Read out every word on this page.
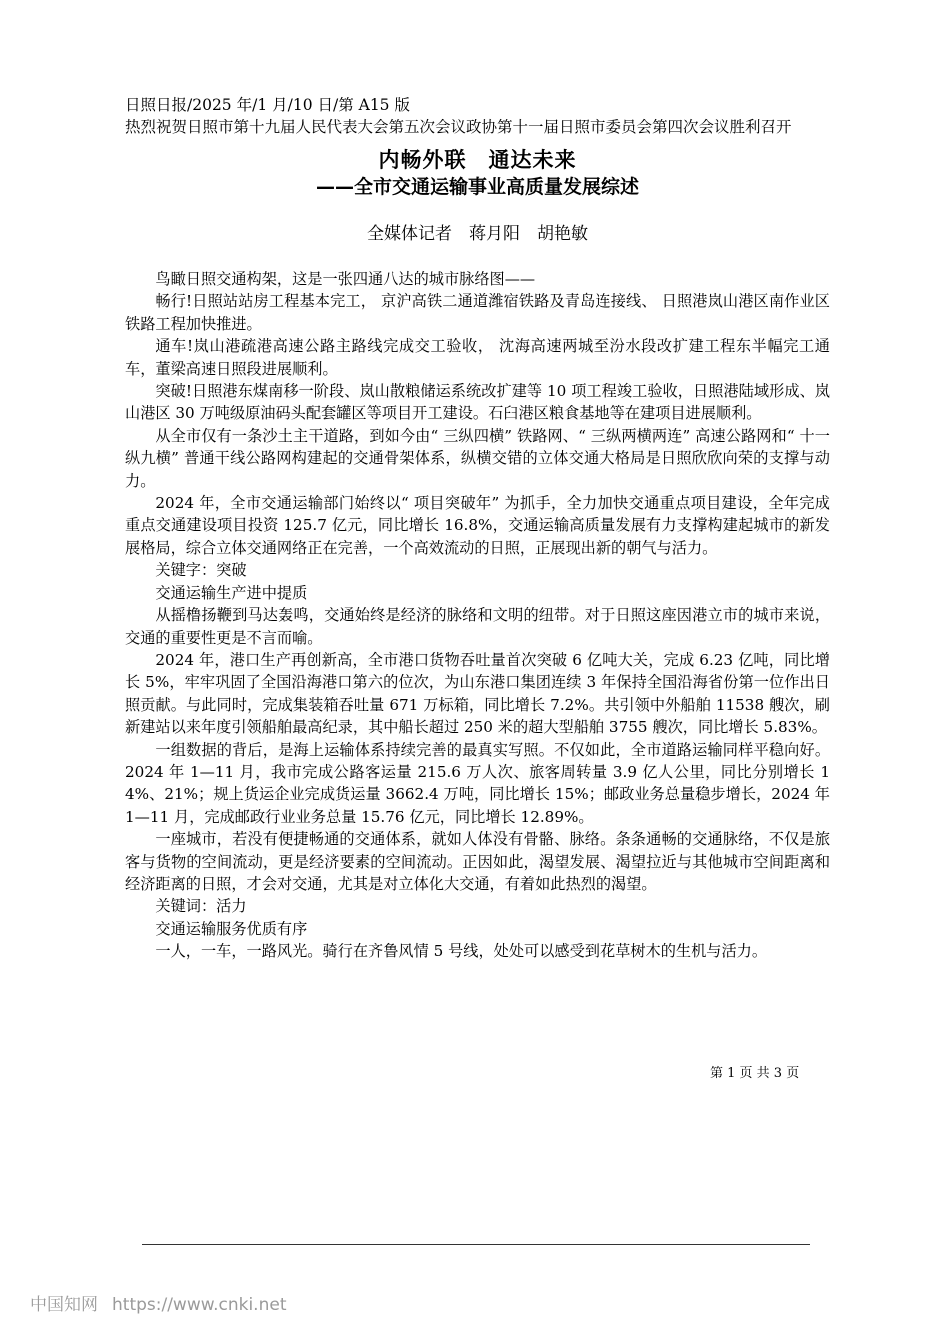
日照日报/2025 年/1 月/10 日/第 A15 版

热烈祝贺日照市第十九届人民代表大会第五次会议政协第十一届日照市委员会第四次会议胜利召开

内畅外联　通达未来
——全市交通运输事业高质量发展综述

全媒体记者　蒋月阳　胡艳敏

鸟瞰日照交通构架，这是一张四通八达的城市脉络图——

畅行!日照站站房工程基本完工， 京沪高铁二通道潍宿铁路及青岛连接线、 日照港岚山港区南作业区铁路工程加快推进。

通车!岚山港疏港高速公路主路线完成交工验收， 沈海高速两城至汾水段改扩建工程东半幅完工通车，董梁高速日照段进展顺利。

突破!日照港东煤南移一阶段、岚山散粮储运系统改扩建等 10 项工程竣工验收，日照港陆域形成、岚山港区 30 万吨级原油码头配套罐区等项目开工建设。石臼港区粮食基地等在建项目进展顺利。

从全市仅有一条沙土主干道路，到如今由“ 三纵四横” 铁路网、“ 三纵两横两连” 高速公路网和“ 十一纵九横” 普通干线公路网构建起的交通骨架体系，纵横交错的立体交通大格局是日照欣欣向荣的支撑与动力。

2024 年，全市交通运输部门始终以“ 项目突破年” 为抓手，全力加快交通重点项目建设，全年完成重点交通建设项目投资 125.7 亿元，同比增长 16.8%，交通运输高质量发展有力支撑构建起城市的新发展格局，综合立体交通网络正在完善，一个高效流动的日照，正展现出新的朝气与活力。

关键字：突破

交通运输生产进中提质

从摇橹扬鞭到马达轰鸣，交通始终是经济的脉络和文明的纽带。对于日照这座因港立市的城市来说，交通的重要性更是不言而喻。

2024 年，港口生产再创新高，全市港口货物吞吐量首次突破 6 亿吨大关，完成 6.23 亿吨，同比增长 5%，牢牢巩固了全国沿海港口第六的位次，为山东港口集团连续 3 年保持全国沿海省份第一位作出日照贡献。与此同时，完成集装箱吞吐量 671 万标箱，同比增长 7.2%。共引领中外船舶 11538 艘次，刷新建站以来年度引领船舶最高纪录，其中船长超过 250 米的超大型船舶 3755 艘次，同比增长 5.83%。

一组数据的背后，是海上运输体系持续完善的最真实写照。不仅如此，全市道路运输同样平稳向好。2024 年 1—11 月，我市完成公路客运量 215.6 万人次、旅客周转量 3.9 亿人公里，同比分别增长 14%、21%；规上货运企业完成货运量 3662.4 万吨，同比增长 15%；邮政业务总量稳步增长，2024 年 1—11 月，完成邮政行业业务总量 15.76 亿元，同比增长 12.89%。

一座城市，若没有便捷畅通的交通体系，就如人体没有骨骼、脉络。条条通畅的交通脉络，不仅是旅客与货物的空间流动，更是经济要素的空间流动。正因如此，渴望发展、渴望拉近与其他城市空间距离和经济距离的日照，才会对交通，尤其是对立体化大交通，有着如此热烈的渴望。

关键词：活力

交通运输服务优质有序

一人，一车，一路风光。骑行在齐鲁风情 5 号线，处处可以感受到花草树木的生机与活力。

第 1 页 共 3 页

中国知网 https://www.cnki.net
